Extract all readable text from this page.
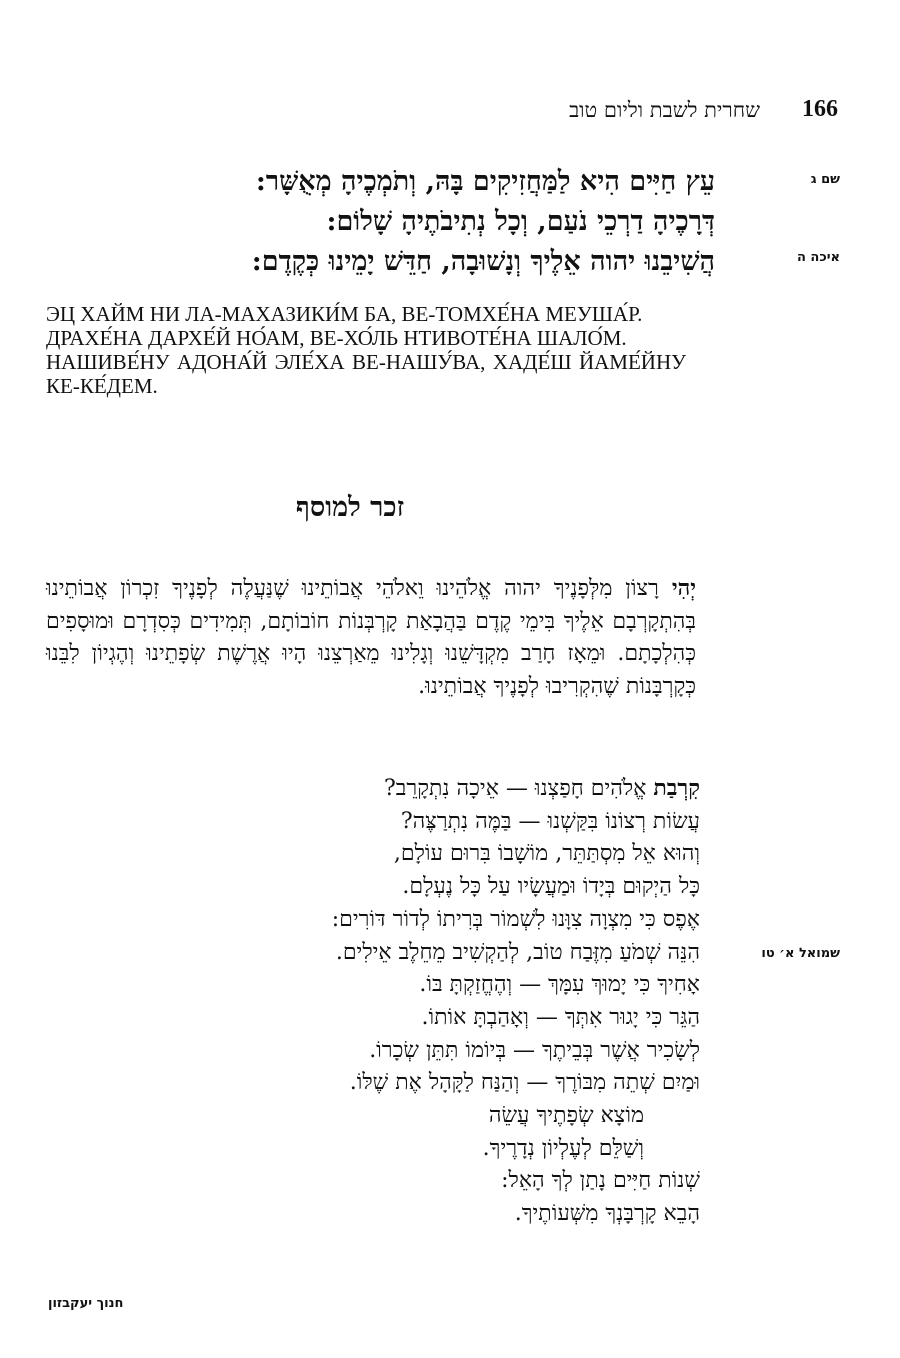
166
שחרית לשבת וליום טוב
שם ג
איכה ה
עֵץ חַיִּים הִיא לַמַּחֲזִיקִים בָּהּ, וְתֹמְכֶיהָ מְאֻשָּׁר:
דְּרָכֶיהָ דַרְכֵי נֹעַם, וְכָל נְתִיבֹתֶיהָ שָׁלוֹם:
הֲשִׁיבֵנוּ יהוה אֵלֶיךָ וְנָשׁוּבָה, חַדֵּשׁ יָמֵינוּ כְּקֶדֶם:

ЭЦ ХАЙМ HИ ЛА-МАХАЗИКИ́М БА, ВЕ-ТОМХЕ́HА МЕУША́Р.

ДРАХЕ́HА ДАРХЕ́Й НО́АМ, ВЕ-ХО́ЛЬ НТИВОТЕ́HА ШАЛО́М.

HАШИВЕ́НУ АДОНА́Й ЭЛЕ́ХА ВЕ-НАШУ́ВА, ХАДЕ́Ш ЙАМЕ́ЙНУ КЕ-КЕ́ДЕМ.

זכר למוסף
יְהִי רָצוֹן מִלְּפָנֶיךָ יהוה אֱלֹהֵינוּ וֵאלֹהֵי אֲבוֹתֵינוּ שֶׁנַּעֲלֶה לְפָנֶיךָ זִכְרוֹן אֲבוֹתֵינוּ בְּהִתְקָרְבָם אֵלֶיךָ בִּימֵי קֶדֶם בַּהֲבָאַת קָרְבְּנוֹת חוֹבוֹתָם, תְּמִידִים כְּסִדְרָם וּמוּסָפִים כְּהִלְכָתָם. וּמֵאָז חָרַב מִקְדָּשֵׁנוּ וְגָלִינוּ מֵאַרְצֵנוּ הָיוּ אֲרֶשֶׁת שְׂפָתֵינוּ וְהֶגְיוֹן לִבֵּנוּ כְּקָרְבָּנוֹת שֶׁהִקְרִיבוּ לְפָנֶיךָ אֲבוֹתֵינוּ.
שמואל א׳ טו
קִרְבַת אֱלֹהִים חָפַצְנוּ — אֵיכָה נִתְקָרֵב?
עֲשׂוֹת רְצוֹנוֹ בִּקַּשְׁנוּ — בַּמֶּה נִתְרַצֶּה?
וְהוּא אֵל מִסְתַּתֵּר, מוֹשָׁבוֹ בִּרוּם עוֹלָם,
כָּל הַיְקוּם בְּיָדוֹ וּמַעֲשָׂיו עַל כָּל נֶעְלָם.
אֶפֶס כִּי מִצְוָה צִוָּנוּ לִשְׁמוֹר בְּרִיתוֹ לְדוֹר דּוֹרִים:
הִנֵּה שְׁמֹעַ מִזֶּבַח טוֹב, לְהַקְשִׁיב מֵחֵלֶב אֵילִים.
אָחִיךָ כִּי יָמוּךְ עִמָּךְ — וְהֶחֱזַקְתָּ בּוֹ.
הַגֵּר כִּי יָגוּר אִתְּךָ — וְאָהַבְתָּ אוֹתוֹ.
לְשָׂכִיר אֲשֶׁר בְּבֵיתֶךָ — בְּיוֹמוֹ תִּתֵּן שְׂכָרוֹ.
וּמַיִם שְׁתֵה מִבּוֹרֶךָ — וְהַנַּח לַקָּהָל אֶת שֶׁלּוֹ.
מוֹצָא שְׂפָתֶיךָ עֲשֵׂה
וְשַׁלֵּם לְעֶלְיוֹן נְדָרֶיךָ.
שְׁנוֹת חַיִּים נָתַן לְךָ הָאֵל:
הָבֵא קָרְבָּנְךָ מִשְּׁעוֹתֶיךָ.
חנוך יעקבזון
